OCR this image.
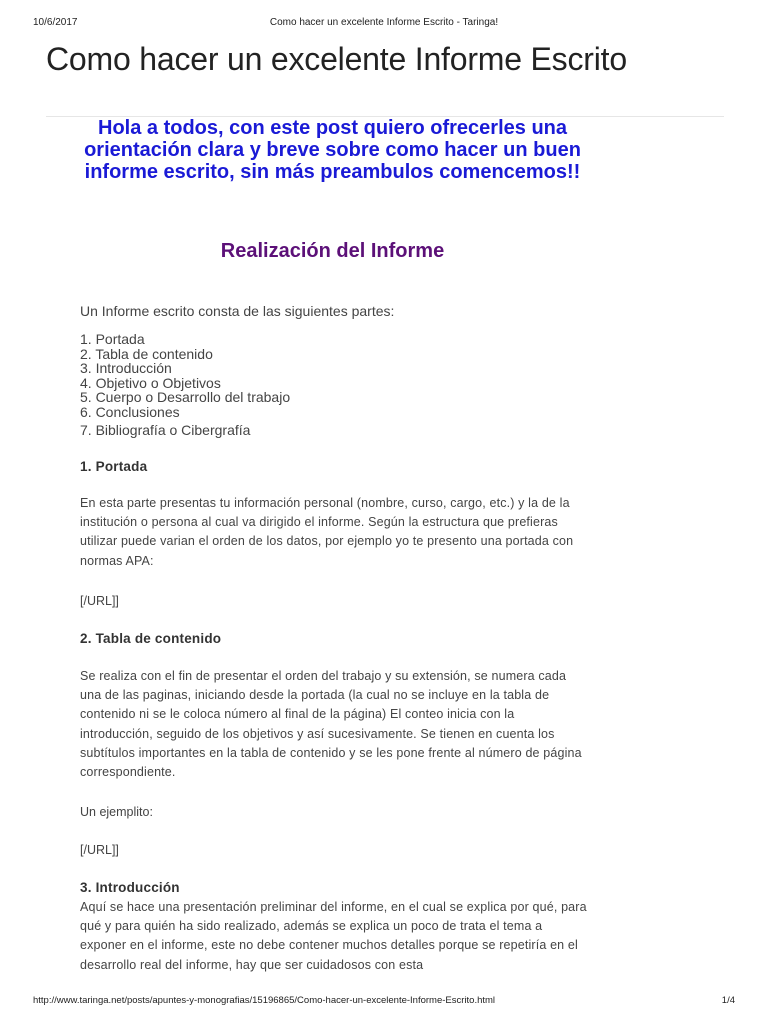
10/6/2017	Como hacer un excelente Informe Escrito - Taringa!
Como hacer un excelente Informe Escrito

Hola a todos, con este post quiero ofrecerles una orientación clara y breve sobre como hacer un buen informe escrito, sin más preambulos comencemos!!

Realización del Informe

Un Informe escrito consta de las siguientes partes:

1. Portada
2. Tabla de contenido
3. Introducción
4. Objetivo o Objetivos
5. Cuerpo o Desarrollo del trabajo
6. Conclusiones
7. Bibliografía o Cibergrafía
1. Portada

En esta parte presentas tu información personal (nombre, curso, cargo, etc.) y la de la institución o persona al cual va dirigido el informe. Según la estructura que prefieras utilizar puede varian el orden de los datos, por ejemplo yo te presento una portada con normas APA:

[/URL]]

2. Tabla de contenido

Se realiza con el fin de presentar el orden del trabajo y su extensión, se numera cada una de las paginas, iniciando desde la portada (la cual no se incluye en la tabla de contenido ni se le coloca número al final de la página) El conteo inicia con la introducción, seguido de los objetivos y así sucesivamente. Se tienen en cuenta los subtítulos importantes en la tabla de contenido y se les pone frente al número de página correspondiente.

Un ejemplito:

[/URL]]

3. Introducción

Aquí se hace una presentación preliminar del informe, en el cual se explica por qué, para qué y para quién ha sido realizado, además se explica un poco de trata el tema a exponer en el informe, este no debe contener muchos detalles porque se repetiría en el desarrollo real del informe, hay que ser cuidadosos con esta

http://www.taringa.net/posts/apuntes-y-monografias/15196865/Como-hacer-un-excelente-Informe-Escrito.html	1/4
